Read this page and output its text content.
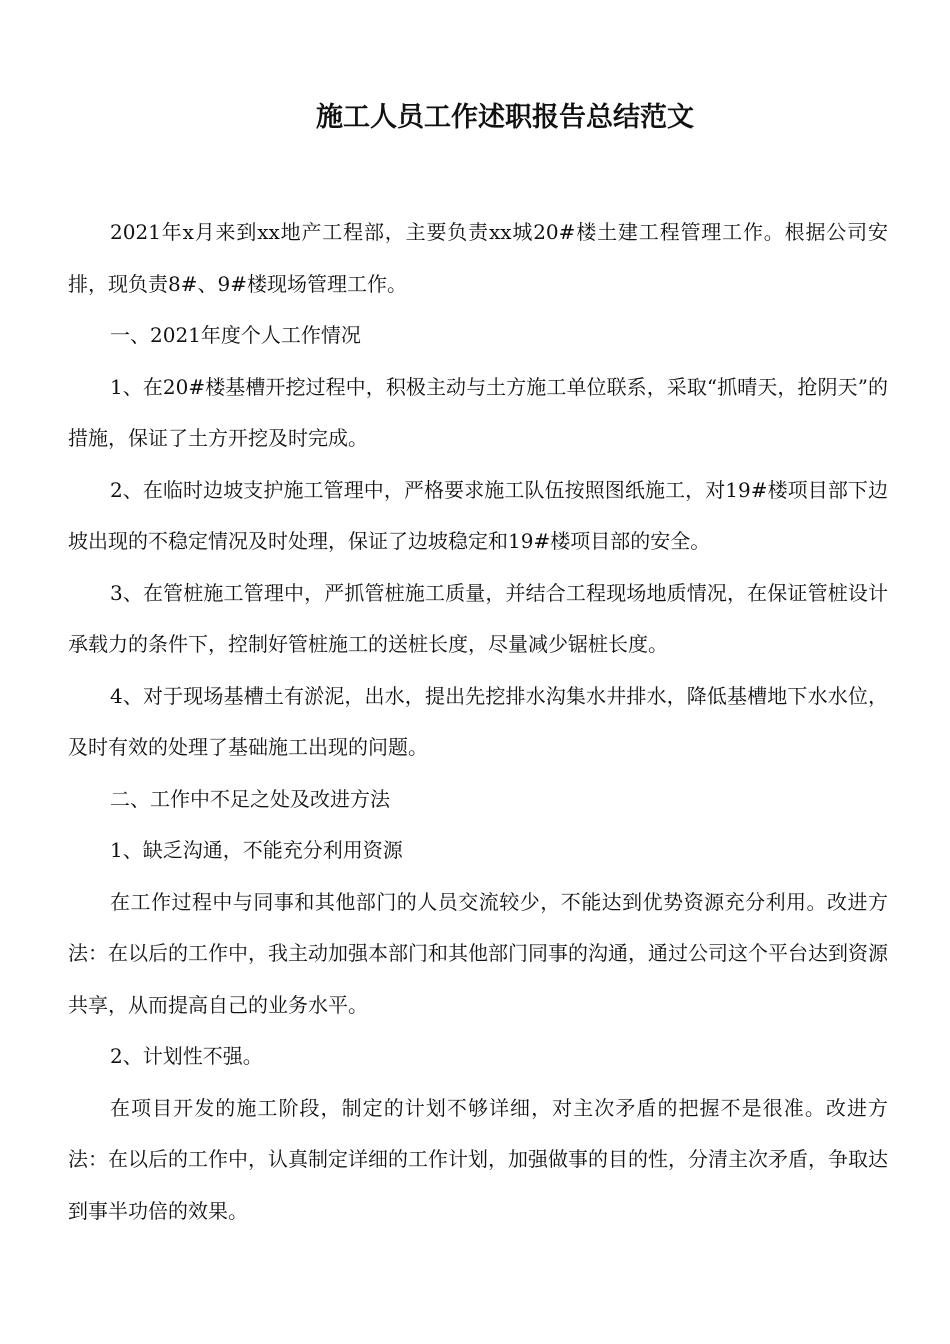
施工人员工作述职报告总结范文

2021年x月来到xx地产工程部，主要负责xx城20#楼土建工程管理工作。根据公司安排，现负责8#、9#楼现场管理工作。

一、2021年度个人工作情况

1、在20#楼基槽开挖过程中，积极主动与土方施工单位联系，采取“抓晴天，抢阴天”的措施，保证了土方开挖及时完成。

2、在临时边坡支护施工管理中，严格要求施工队伍按照图纸施工，对19#楼项目部下边坡出现的不稳定情况及时处理，保证了边坡稳定和19#楼项目部的安全。

3、在管桩施工管理中，严抓管桩施工质量，并结合工程现场地质情况，在保证管桩设计承载力的条件下，控制好管桩施工的送桩长度，尽量减少锯桩长度。

4、对于现场基槽土有淤泥，出水，提出先挖排水沟集水井排水，降低基槽地下水水位，及时有效的处理了基础施工出现的问题。

二、工作中不足之处及改进方法

1、缺乏沟通，不能充分利用资源

在工作过程中与同事和其他部门的人员交流较少，不能达到优势资源充分利用。改进方法：在以后的工作中，我主动加强本部门和其他部门同事的沟通，通过公司这个平台达到资源共享，从而提高自己的业务水平。

2、计划性不强。

在项目开发的施工阶段，制定的计划不够详细，对主次矛盾的把握不是很准。改进方法：在以后的工作中，认真制定详细的工作计划，加强做事的目的性，分清主次矛盾，争取达到事半功倍的效果。
